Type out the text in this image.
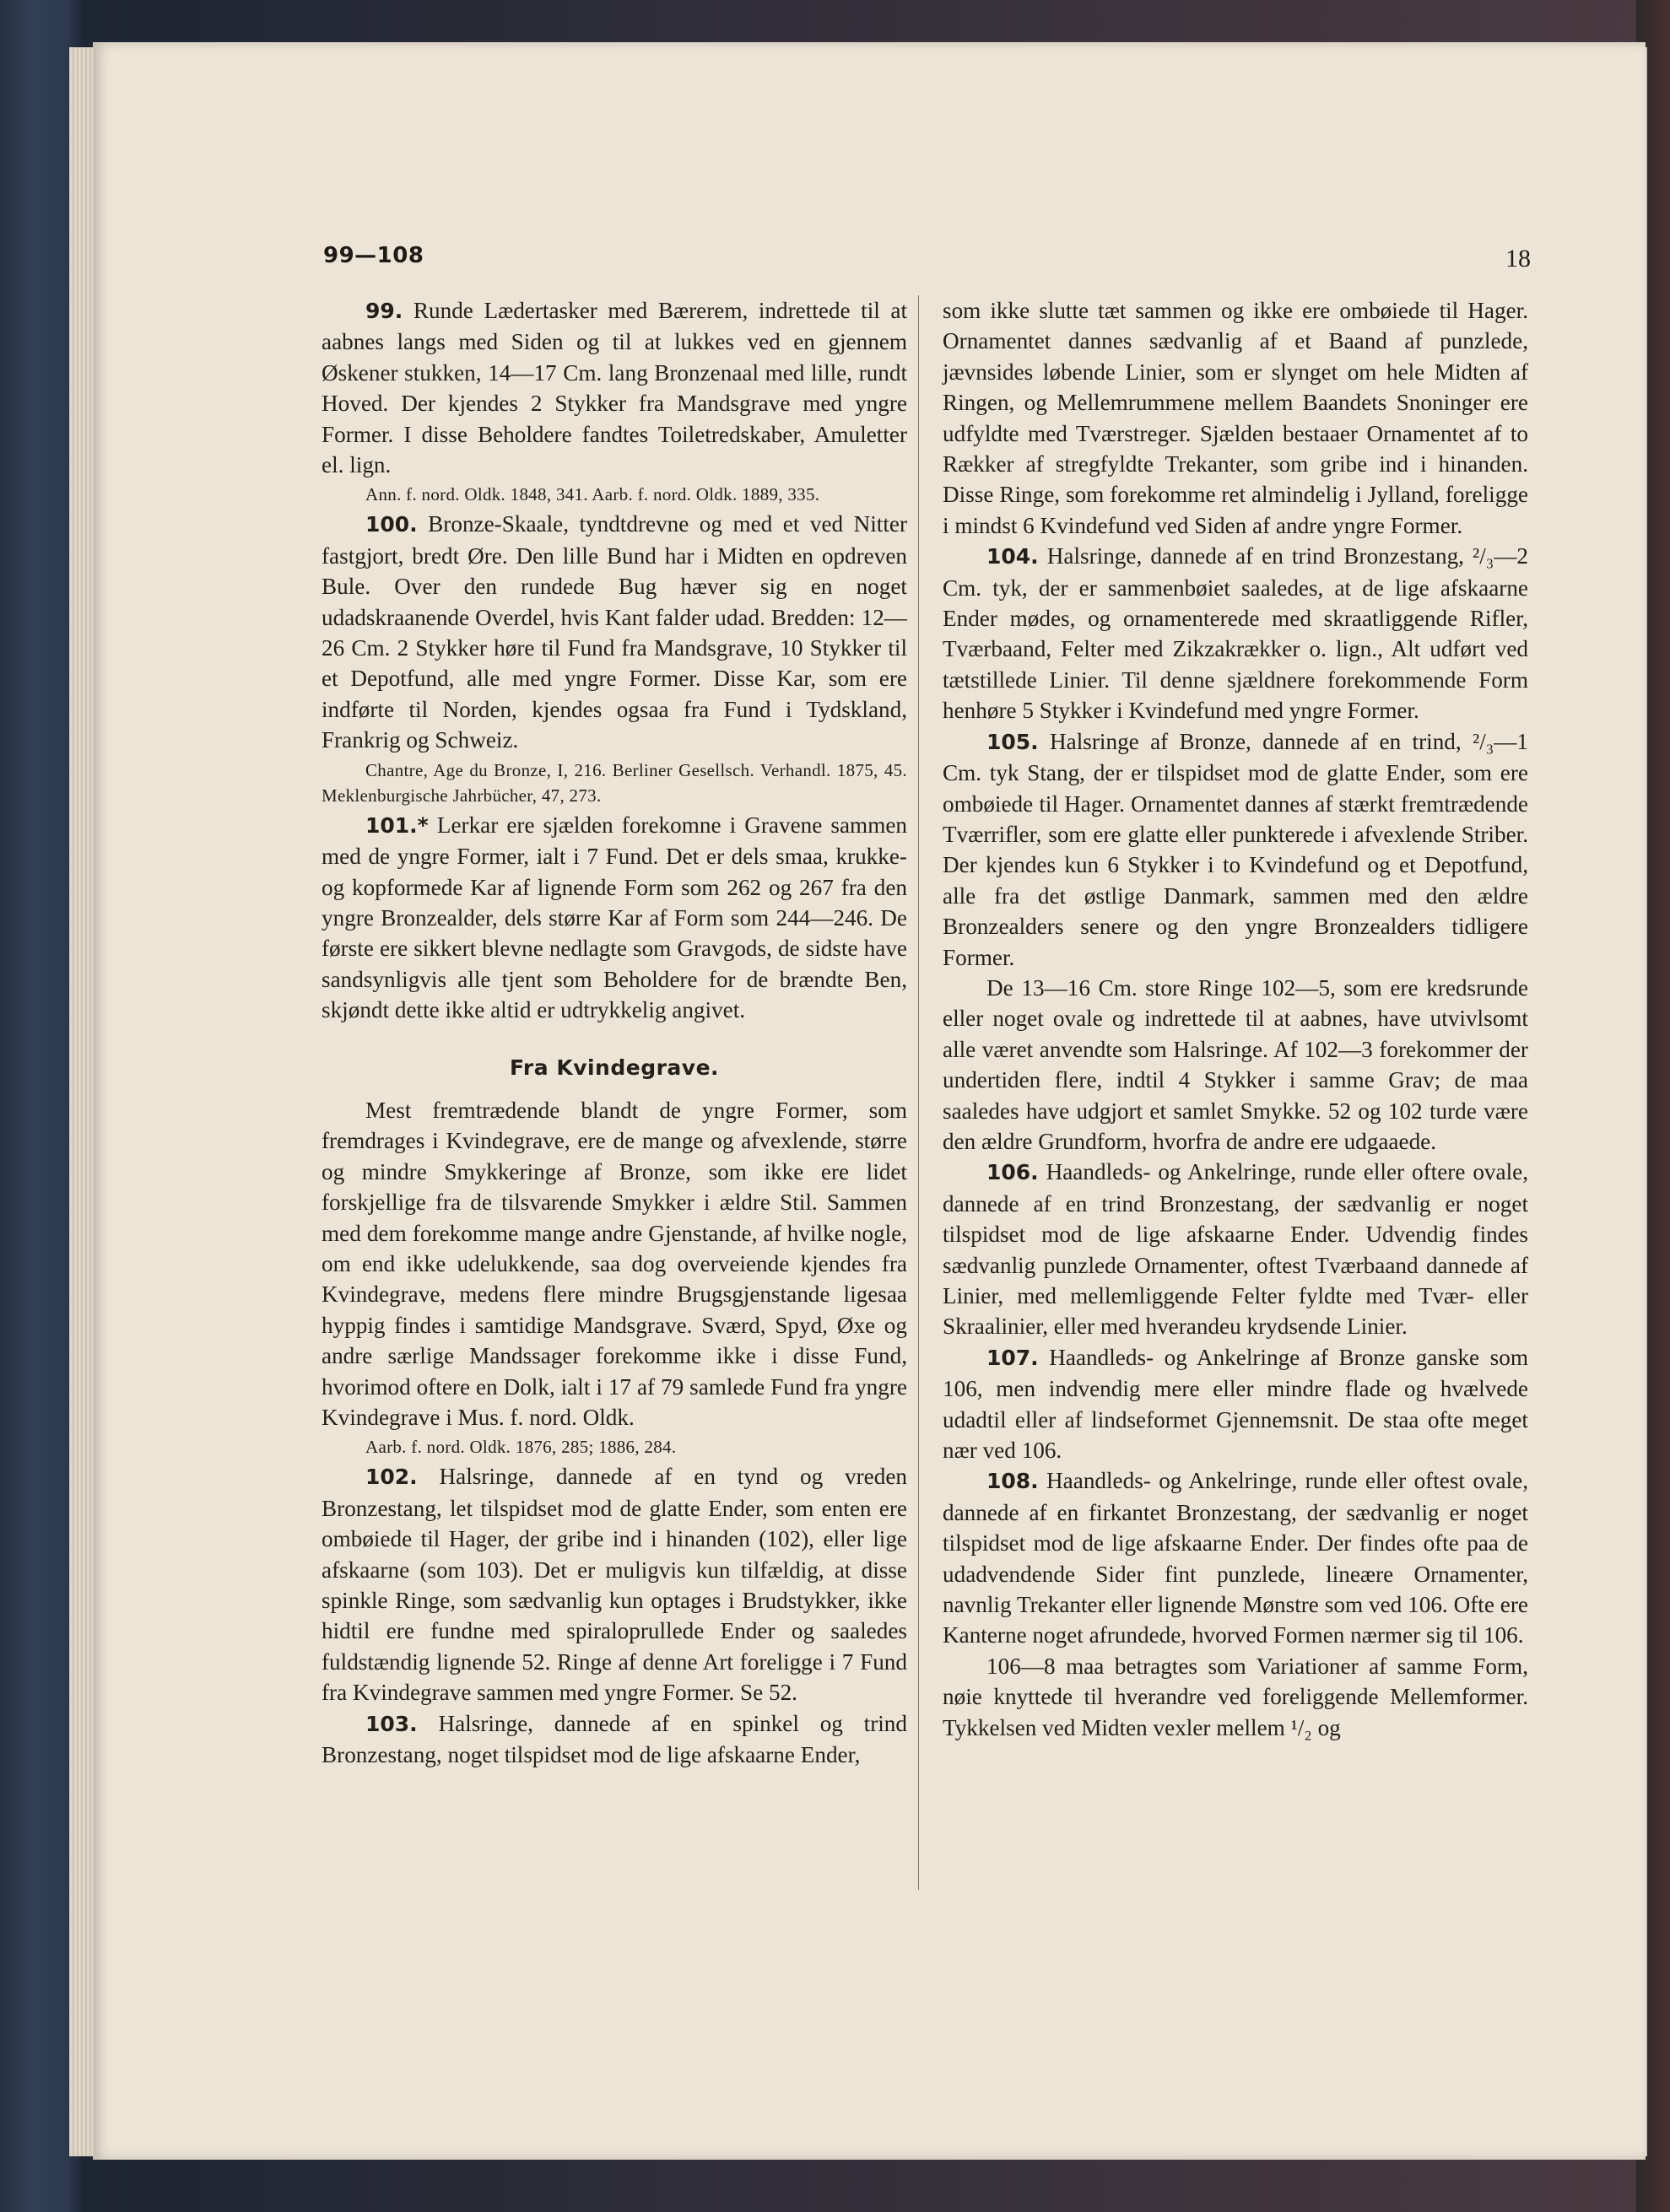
99—108	18

99. Runde Lædertasker med Bærerem, indrettede til at aabnes langs med Siden og til at lukkes ved en gjennem Øskener stukken, 14—17 Cm. lang Bronzenaal med lille, rundt Hoved. Der kjendes 2 Stykker fra Mandsgrave med yngre Former. I disse Beholdere fandtes Toiletredskaber, Amuletter el. lign.

Ann. f. nord. Oldk. 1848, 341. Aarb. f. nord. Oldk. 1889, 335.

100. Bronze-Skaale, tyndtdrevne og med et ved Nitter fastgjort, bredt Øre. Den lille Bund har i Midten en opdreven Bule. Over den rundede Bug hæver sig en noget udadskraanende Overdel, hvis Kant falder udad. Bredden: 12—26 Cm. 2 Stykker høre til Fund fra Mandsgrave, 10 Stykker til et Depotfund, alle med yngre Former. Disse Kar, som ere indførte til Norden, kjendes ogsaa fra Fund i Tydskland, Frankrig og Schweiz.

Chantre, Age du Bronze, I, 216. Berliner Gesellsch. Verhandl. 1875, 45. Meklenburgische Jahrbücher, 47, 273.

101.* Lerkar ere sjælden forekomne i Gravene sammen med de yngre Former, ialt i 7 Fund. Det er dels smaa, krukke- og kopformede Kar af lignende Form som 262 og 267 fra den yngre Bronzealder, dels større Kar af Form som 244—246. De første ere sikkert blevne nedlagte som Gravgods, de sidste have sandsynligvis alle tjent som Beholdere for de brændte Ben, skjøndt dette ikke altid er udtrykkelig angivet.

Fra Kvindegrave.

Mest fremtrædende blandt de yngre Former, som fremdrages i Kvindegrave, ere de mange og afvexlende, større og mindre Smykkeringe af Bronze, som ikke ere lidet forskjellige fra de tilsvarende Smykker i ældre Stil. Sammen med dem forekomme mange andre Gjenstande, af hvilke nogle, om end ikke udelukkende, saa dog overveiende kjendes fra Kvindegrave, medens flere mindre Brugsgjenstande ligesaa hyppig findes i samtidige Mandsgrave. Sværd, Spyd, Øxe og andre særlige Mandssager forekomme ikke i disse Fund, hvorimod oftere en Dolk, ialt i 17 af 79 samlede Fund fra yngre Kvindegrave i Mus. f. nord. Oldk.

Aarb. f. nord. Oldk. 1876, 285; 1886, 284.

102. Halsringe, dannede af en tynd og vreden Bronzestang, let tilspidset mod de glatte Ender, som enten ere ombøiede til Hager, der gribe ind i hinanden (102), eller lige afskaarne (som 103). Det er muligvis kun tilfældig, at disse spinkle Ringe, som sædvanlig kun optages i Brudstykker, ikke hidtil ere fundne med spiraloprullede Ender og saaledes fuldstændig lignende 52. Ringe af denne Art foreligge i 7 Fund fra Kvindegrave sammen med yngre Former. Se 52.

103. Halsringe, dannede af en spinkel og trind Bronzestang, noget tilspidset mod de lige afskaarne Ender,

som ikke slutte tæt sammen og ikke ere ombøiede til Hager. Ornamentet dannes sædvanlig af et Baand af punzlede, jævnsides løbende Linier, som er slynget om hele Midten af Ringen, og Mellemrummene mellem Baandets Snoninger ere udfyldte med Tværstreger. Sjælden bestaaer Ornamentet af to Rækker af stregfyldte Trekanter, som gribe ind i hinanden. Disse Ringe, som forekomme ret almindelig i Jylland, foreligge i mindst 6 Kvindefund ved Siden af andre yngre Former.

104. Halsringe, dannede af en trind Bronzestang, ²/₃—2 Cm. tyk, der er sammenbøiet saaledes, at de lige afskaarne Ender mødes, og ornamenterede med skraatliggende Rifler, Tværbaand, Felter med Zikzakrækker o. lign., Alt udført ved tætstillede Linier. Til denne sjældnere forekommende Form henhøre 5 Stykker i Kvindefund med yngre Former.

105. Halsringe af Bronze, dannede af en trind, ²/₃—1 Cm. tyk Stang, der er tilspidset mod de glatte Ender, som ere ombøiede til Hager. Ornamentet dannes af stærkt fremtrædende Tværrifler, som ere glatte eller punkterede i afvexlende Striber. Der kjendes kun 6 Stykker i to Kvindefund og et Depotfund, alle fra det østlige Danmark, sammen med den ældre Bronzealders senere og den yngre Bronzealders tidligere Former.

De 13—16 Cm. store Ringe 102—5, som ere kredsrunde eller noget ovale og indrettede til at aabnes, have utvivlsomt alle været anvendte som Halsringe. Af 102—3 forekommer der undertiden flere, indtil 4 Stykker i samme Grav; de maa saaledes have udgjort et samlet Smykke. 52 og 102 turde være den ældre Grundform, hvorfra de andre ere udgaaede.

106. Haandleds- og Ankelringe, runde eller oftere ovale, dannede af en trind Bronzestang, der sædvanlig er noget tilspidset mod de lige afskaarne Ender. Udvendig findes sædvanlig punzlede Ornamenter, oftest Tværbaand dannede af Linier, med mellemliggende Felter fyldte med Tvær- eller Skraalinier, eller med hverandeu krydsende Linier.

107. Haandleds- og Ankelringe af Bronze ganske som 106, men indvendig mere eller mindre flade og hvælvede udadtil eller af lindseformet Gjennemsnit. De staa ofte meget nær ved 106.

108. Haandleds- og Ankelringe, runde eller oftest ovale, dannede af en firkantet Bronzestang, der sædvanlig er noget tilspidset mod de lige afskaarne Ender. Der findes ofte paa de udadvendende Sider fint punzlede, lineære Ornamenter, navnlig Trekanter eller lignende Mønstre som ved 106. Ofte ere Kanterne noget afrundede, hvorved Formen nærmer sig til 106.

106—8 maa betragtes som Variationer af samme Form, nøie knyttede til hverandre ved foreliggende Mellemformer. Tykkelsen ved Midten vexler mellem ¹/₂ og
